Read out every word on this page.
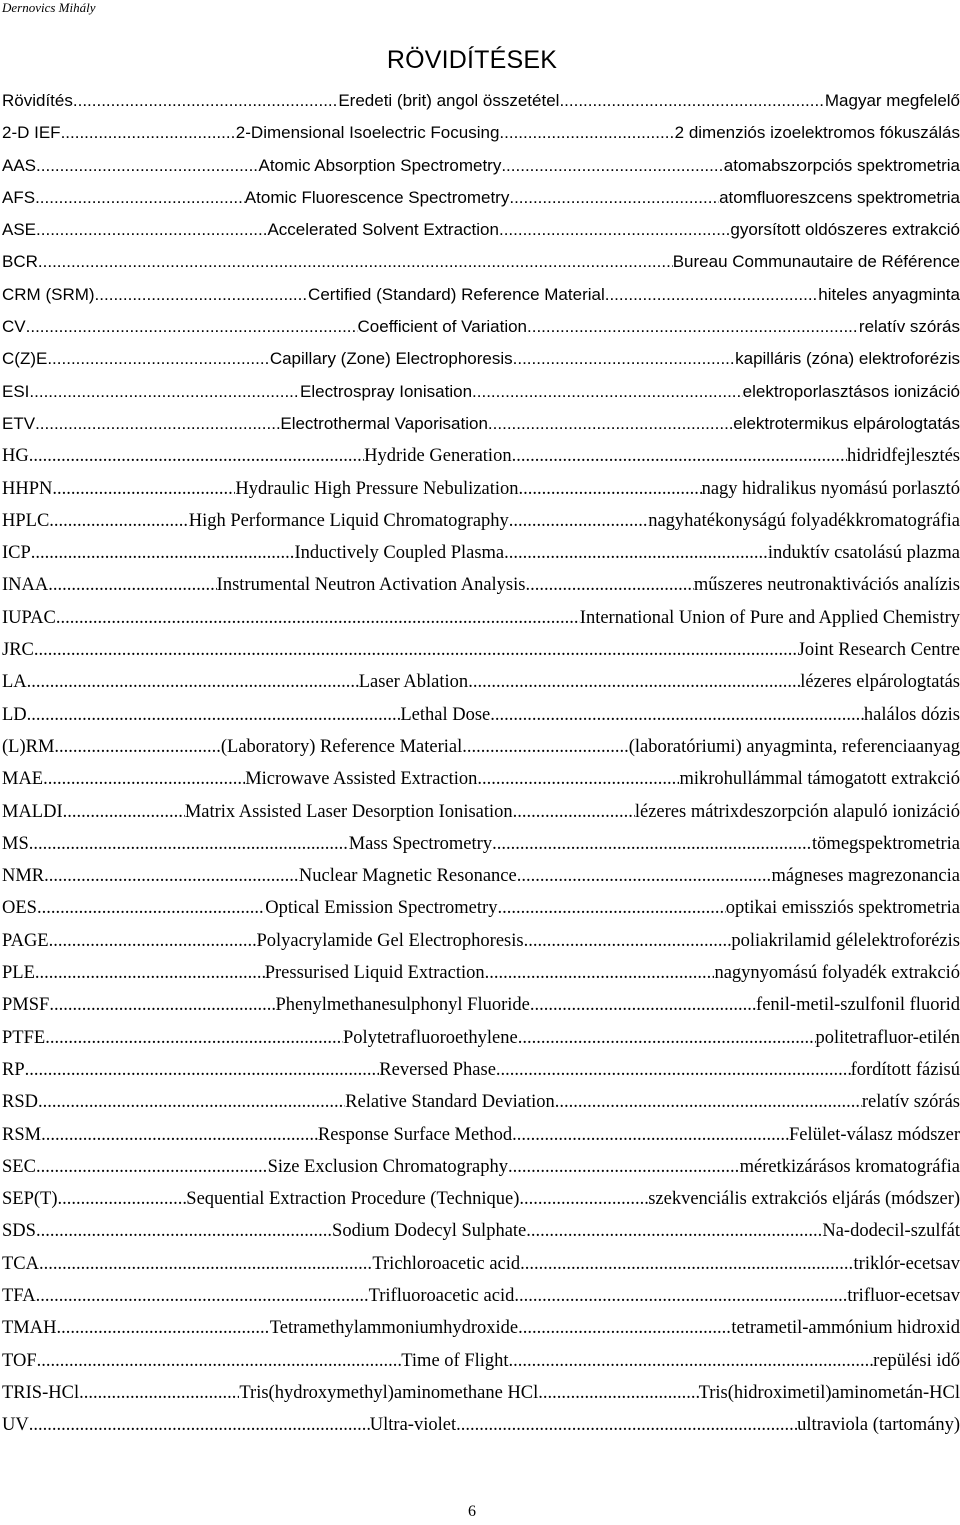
Dernovics Mihály
RÖVIDÍTÉSEK
Rövidítés .....	Eredeti (brit) angol összetétel .....	Magyar megfelelő
2-D IEF .....	2-Dimensional Isoelectric Focusing .....	2 dimenziós izoelektromos fókuszálás
AAS .....	Atomic Absorption Spectrometry .....	atomabszorpciós spektrometria
AFS .....	Atomic Fluorescence Spectrometry .....	atomfluoreszcens spektrometria
ASE .....	Accelerated Solvent Extraction .....	gyorsított oldószeres extrakció
BCR .....	Bureau Communautaire de Référence
CRM (SRM) .....	Certified (Standard) Reference Material .....	hiteles anyagminta
CV .....	Coefficient of Variation .....	relatív szórás
C(Z)E .....	Capillary (Zone) Electrophoresis .....	kapilláris (zóna) elektroforézis
ESI .....	Electrospray Ionisation .....	elektroporlasztásos ionizáció
ETV .....	Electrothermal Vaporisation .....	elektrotermikus elpárologtatás
HG .....	Hydride Generation .....	hidridfejlesztés
HHPN .....	Hydraulic High Pressure Nebulization .....	nagy hidralikus nyomású porlasztó
HPLC .....	High Performance Liquid Chromatography .....	nagyhatékonyságú folyadékkromatográfia
ICP .....	Inductively Coupled Plasma .....	induktív csatolású plazma
INAA .....	Instrumental Neutron Activation Analysis .....	műszeres neutronaktivációs analízis
IUPAC .....	International Union of Pure and Applied Chemistry
JRC .....	Joint Research Centre
LA .....	Laser Ablation .....	lézeres elpárologtatás
LD .....	Lethal Dose .....	halálos dózis
(L)RM .....	(Laboratory) Reference Material .....	(laboratóriumi) anyagminta, referenciaanyag
MAE .....	Microwave Assisted Extraction .....	mikrohullámmal támogatott extrakció
MALDI .....	Matrix Assisted Laser Desorption Ionisation .....	lézeres mátrixdeszorpción alapuló ionizáció
MS .....	Mass Spectrometry .....	tömegspektrometria
NMR .....	Nuclear Magnetic Resonance .....	mágneses magrezonancia
OES .....	Optical Emission Spectrometry .....	optikai emissziós spektrometria
PAGE .....	Polyacrylamide Gel Electrophoresis .....	poliakrilamid gélelektroforézis
PLE .....	Pressurised Liquid Extraction .....	nagynyomású folyadék extrakció
PMSF .....	Phenylmethanesulphonyl Fluoride .....	fenil-metil-szulfonil fluorid
PTFE .....	Polytetrafluoroethylene .....	politetrafluor-etilén
RP .....	Reversed Phase .....	fordított fázisú
RSD .....	Relative Standard Deviation .....	relatív szórás
RSM .....	Response Surface Method .....	Felület-válasz módszer
SEC .....	Size Exclusion Chromatography .....	méretkizárásos kromatográfia
SEP(T) .....	Sequential Extraction Procedure (Technique) .....	szekvenciális extrakciós eljárás (módszer)
SDS .....	Sodium Dodecyl Sulphate .....	Na-dodecil-szulfát
TCA .....	Trichloroacetic acid .....	triklór-ecetsav
TFA .....	Trifluoroacetic acid .....	trifluor-ecetsav
TMAH .....	Tetramethylammoniumhydroxide .....	tetrametil-ammónium hidroxid
TOF .....	Time of Flight .....	repülési idő
TRIS-HCl .....	Tris(hydroxymethyl)aminomethane HCl .....	Tris(hidroximetil)aminometán-HCl
UV .....	Ultra-violet .....	ultraviola (tartomány)
6
